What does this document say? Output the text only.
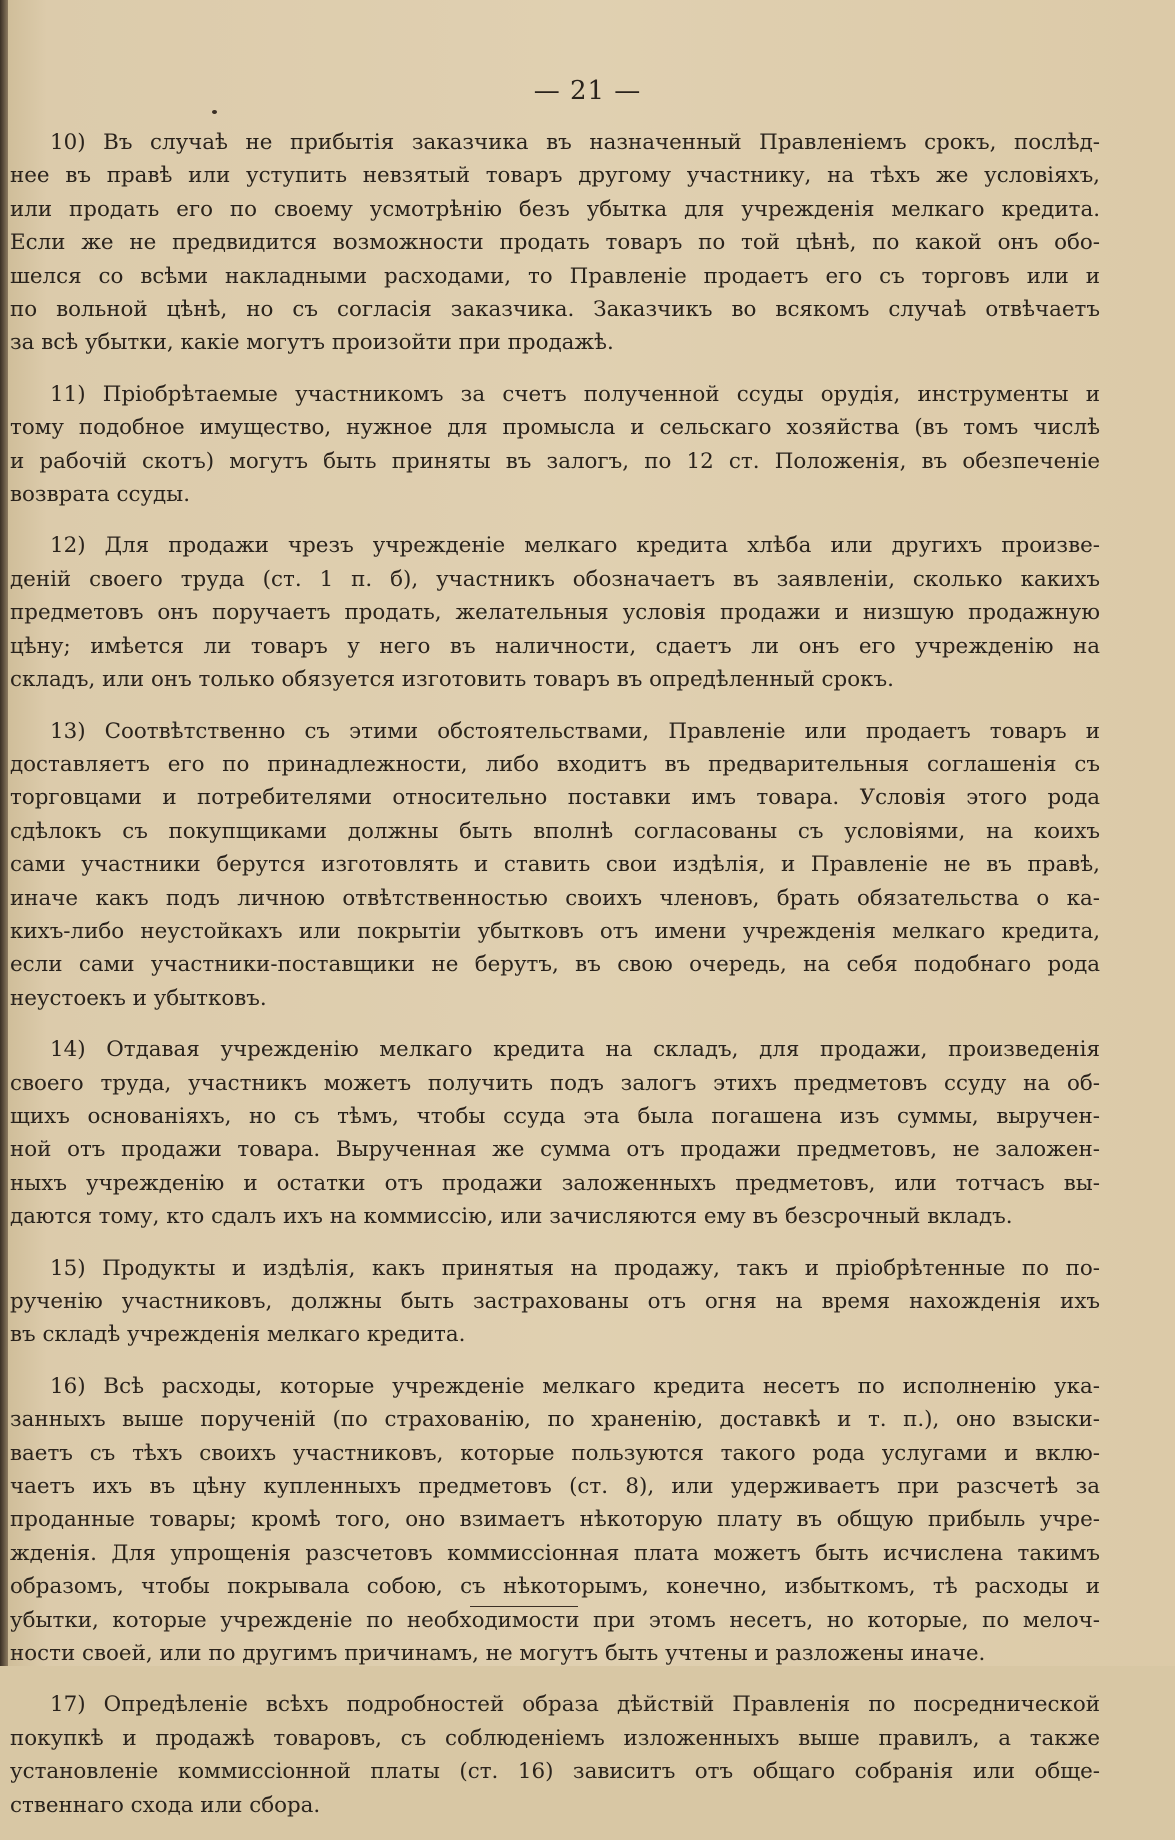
— 21 —
10) Въ случаѣ не прибытія заказчика въ назначенный Правленіемъ срокъ, послѣд-
нее въ правѣ или уступить невзятый товаръ другому участнику, на тѣхъ же условіяхъ,
или продать его по своему усмотрѣнію безъ убытка для учрежденія мелкаго кредита.
Если же не предвидится возможности продать товаръ по той цѣнѣ, по какой онъ обо-
шелся со всѣми накладными расходами, то Правленіе продаетъ его съ торговъ или и
по вольной цѣнѣ, но съ согласія заказчика. Заказчикъ во всякомъ случаѣ отвѣчаетъ
за всѣ убытки, какіе могутъ произойти при продажѣ.
11) Пріобрѣтаемые участникомъ за счетъ полученной ссуды орудія, инструменты и
тому подобное имущество, нужное для промысла и сельскаго хозяйства (въ томъ числѣ
и рабочій скотъ) могутъ быть приняты въ залогъ, по 12 ст. Положенія, въ обезпеченіе
возврата ссуды.
12) Для продажи чрезъ учрежденіе мелкаго кредита хлѣба или другихъ произве-
деній своего труда (ст. 1 п. б), участникъ обозначаетъ въ заявленіи, сколько какихъ
предметовъ онъ поручаетъ продать, желательныя условія продажи и низшую продажную
цѣну; имѣется ли товаръ у него въ наличности, сдаетъ ли онъ его учрежденію на
складъ, или онъ только обязуется изготовить товаръ въ опредѣленный срокъ.
13) Соотвѣтственно съ этими обстоятельствами, Правленіе или продаетъ товаръ и
доставляетъ его по принадлежности, либо входитъ въ предварительныя соглашенія съ
торговцами и потребителями относительно поставки имъ товара. Условія этого рода
сдѣлокъ съ покупщиками должны быть вполнѣ согласованы съ условіями, на коихъ
сами участники берутся изготовлять и ставить свои издѣлія, и Правленіе не въ правѣ,
иначе какъ подъ личною отвѣтственностью своихъ членовъ, брать обязательства о ка-
кихъ-либо неустойкахъ или покрытіи убытковъ отъ имени учрежденія мелкаго кредита,
если сами участники-поставщики не берутъ, въ свою очередь, на себя подобнаго рода
неустоекъ и убытковъ.
14) Отдавая учрежденію мелкаго кредита на складъ, для продажи, произведенія
своего труда, участникъ можетъ получить подъ залогъ этихъ предметовъ ссуду на об-
щихъ основаніяхъ, но съ тѣмъ, чтобы ссуда эта была погашена изъ суммы, выручен-
ной отъ продажи товара. Вырученная же сумма отъ продажи предметовъ, не заложен-
ныхъ учрежденію и остатки отъ продажи заложенныхъ предметовъ, или тотчасъ вы-
даются тому, кто сдалъ ихъ на коммиссію, или зачисляются ему въ безсрочный вкладъ.
15) Продукты и издѣлія, какъ принятыя на продажу, такъ и пріобрѣтенные по по-
рученію участниковъ, должны быть застрахованы отъ огня на время нахожденія ихъ
въ складѣ учрежденія мелкаго кредита.
16) Всѣ расходы, которые учрежденіе мелкаго кредита несетъ по исполненію ука-
занныхъ выше порученій (по страхованію, по храненію, доставкѣ и т. п.), оно взыски-
ваетъ съ тѣхъ своихъ участниковъ, которые пользуются такого рода услугами и вклю-
чаетъ ихъ въ цѣну купленныхъ предметовъ (ст. 8), или удерживаетъ при разсчетѣ за
проданные товары; кромѣ того, оно взимаетъ нѣкоторую плату въ общую прибыль учре-
жденія. Для упрощенія разсчетовъ коммиссіонная плата можетъ быть исчислена такимъ
образомъ, чтобы покрывала собою, съ нѣкоторымъ, конечно, избыткомъ, тѣ расходы и
убытки, которые учрежденіе по необходимости при этомъ несетъ, но которые, по мелоч-
ности своей, или по другимъ причинамъ, не могутъ быть учтены и разложены иначе.
17) Опредѣленіе всѣхъ подробностей образа дѣйствій Правленія по посреднической
покупкѣ и продажѣ товаровъ, съ соблюденіемъ изложенныхъ выше правилъ, а также
установленіе коммиссіонной платы (ст. 16) зависитъ отъ общаго собранія или обще-
ственнаго схода или сбора.
